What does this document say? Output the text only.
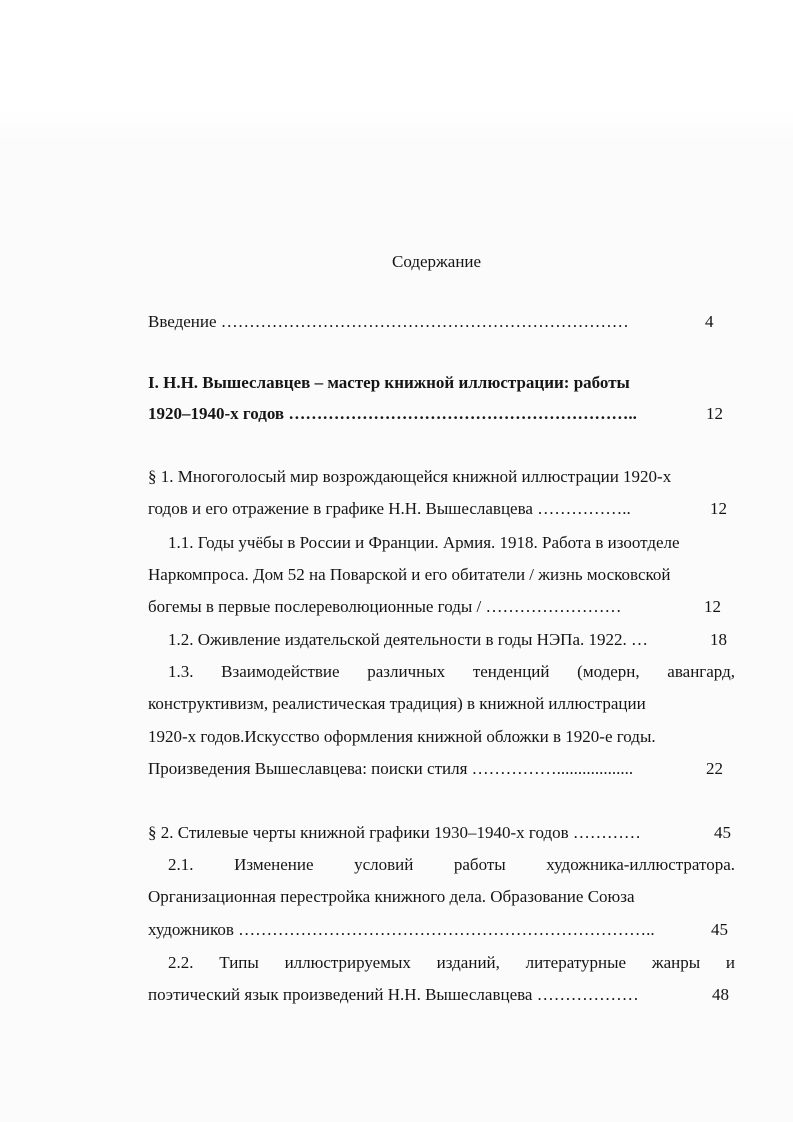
Содержание
Введение ………………………………………………………………	4
I. Н.Н. Вышеславцев – мастер книжной иллюстрации: работы
1920–1940-х годов ……………………………………………………..	12
§ 1. Многоголосый мир возрождающейся книжной иллюстрации 1920-х
годов и его отражение в графике Н.Н. Вышеславцева ……………..	12
1.1. Годы учёбы в России и Франции. Армия. 1918. Работа в изоотделе
Наркомпроса. Дом 52 на Поварской и его обитатели / жизнь московской
богемы в первые послереволюционные годы / ……………………	12
1.2. Оживление издательской деятельности в годы НЭПа. 1922. …	18
1.3. Взаимодействие различных тенденций (модерн, авангард,
конструктивизм, реалистическая традиция) в книжной иллюстрации
1920-х годов.Искусство оформления книжной обложки в 1920-е годы.
Произведения Вышеславцева: поиски стиля ……………..................	22
§ 2. Стилевые черты книжной графики 1930–1940-х годов …………	45
2.1. Изменение условий работы художника-иллюстратора.
Организационная перестройка книжного дела. Образование Союза
художников ………………………………………………………………..	45
2.2. Типы иллюстрируемых изданий, литературные жанры и
поэтический язык произведений Н.Н. Вышеславцева ………………	48
